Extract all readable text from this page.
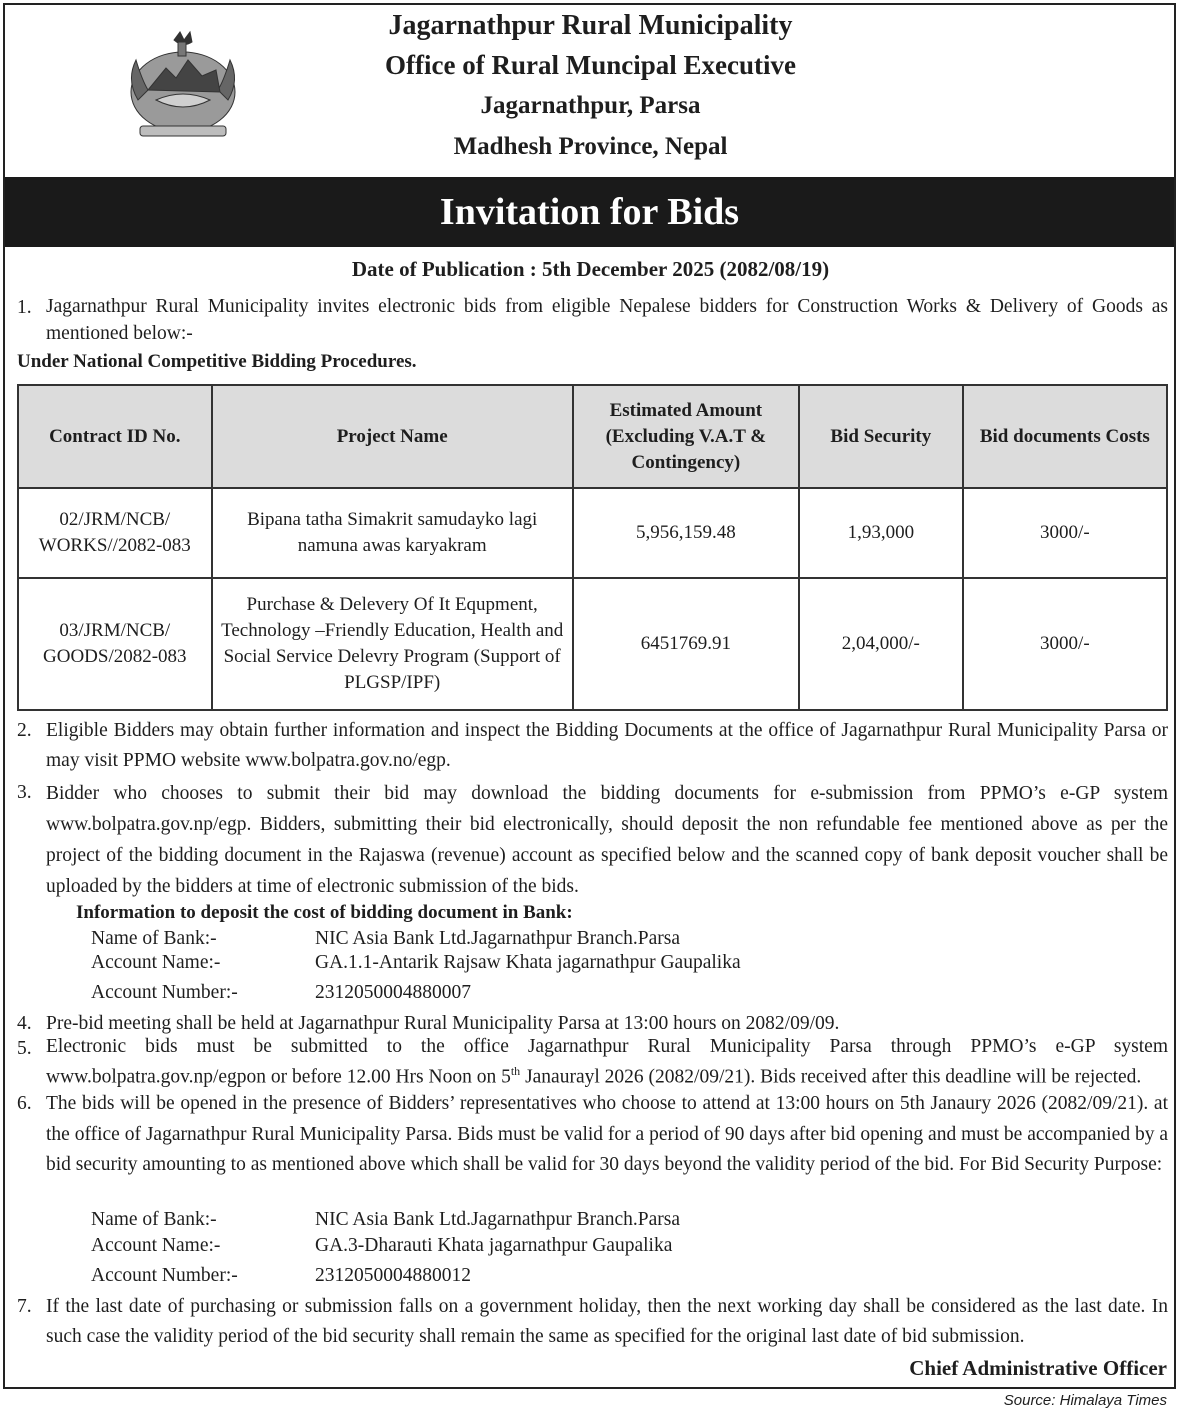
Jagarnathpur Rural Municipality
Office of Rural Muncipal Executive
Jagarnathpur, Parsa
Madhesh Province, Nepal
Invitation for Bids
Date of Publication : 5th December 2025 (2082/08/19)
1. Jagarnathpur Rural Municipality invites electronic bids from eligible Nepalese bidders for Construction Works & Delivery of Goods as mentioned below:-
Under National Competitive Bidding Procedures.
Contract ID No.	Project Name	Estimated Amount (Excluding V.A.T & Contingency)	Bid Security	Bid documents Costs
02/JRM/NCB/ WORKS//2082-083	Bipana tatha Simakrit samudayko lagi namuna awas karyakram	5,956,159.48	1,93,000	3000/-
03/JRM/NCB/ GOODS/2082-083	Purchase & Delevery Of It Equpment, Technology –Friendly Education, Health and Social Service Delevry Program (Support of PLGSP/IPF)	6451769.91	2,04,000/-	3000/-
2. Eligible Bidders may obtain further information and inspect the Bidding Documents at the office of Jagarnathpur Rural Municipality Parsa or may visit PPMO website www.bolpatra.gov.no/egp.
3. Bidder who chooses to submit their bid may download the bidding documents for e-submission from PPMO’s e-GP system www.bolpatra.gov.np/egp. Bidders, submitting their bid electronically, should deposit the non refundable fee mentioned above as per the project of the bidding document in the Rajaswa (revenue) account as specified below and the scanned copy of bank deposit voucher shall be uploaded by the bidders at time of electronic submission of the bids.
Information to deposit the cost of bidding document in Bank:
Name of Bank:-	NIC Asia Bank Ltd.Jagarnathpur Branch.Parsa
Account Name:-	GA.1.1-Antarik Rajsaw Khata jagarnathpur Gaupalika
Account Number:-	2312050004880007
4. Pre-bid meeting shall be held at Jagarnathpur Rural Municipality Parsa at 13:00 hours on 2082/09/09.
5. Electronic bids must be submitted to the office Jagarnathpur Rural Municipality Parsa through PPMO’s e-GP system www.bolpatra.gov.np/egpon or before 12.00 Hrs Noon on 5th Janaurayl 2026 (2082/09/21). Bids received after this deadline will be rejected.
6. The bids will be opened in the presence of Bidders’ representatives who choose to attend at 13:00 hours on 5th Janaury 2026 (2082/09/21). at the office of Jagarnathpur Rural Municipality Parsa. Bids must be valid for a period of 90 days after bid opening and must be accompanied by a bid security amounting to as mentioned above which shall be valid for 30 days beyond the validity period of the bid. For Bid Security Purpose:
Name of Bank:-	NIC Asia Bank Ltd.Jagarnathpur Branch.Parsa
Account Name:-	GA.3-Dharauti Khata jagarnathpur Gaupalika
Account Number:-	2312050004880012
7. If the last date of purchasing or submission falls on a government holiday, then the next working day shall be considered as the last date. In such case the validity period of the bid security shall remain the same as specified for the original last date of bid submission.
Chief Administrative Officer
Source: Himalaya Times
